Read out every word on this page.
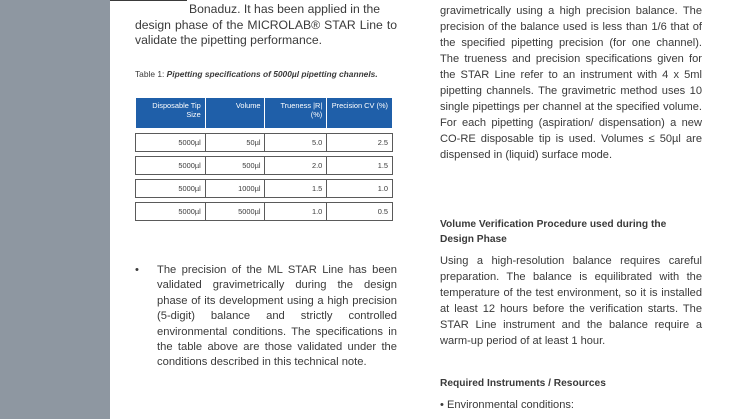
Bonaduz. It has been applied in the
design phase of the MICROLAB® STAR Line to validate the pipetting performance.
Table 1: Pipetting specifications of 5000µl pipetting channels.
Disposable Tip Size	Volume	Trueness |R| (%)	Precision CV (%)

5000µl	50µl	5.0	2.5

5000µl	500µl	2.0	1.5

5000µl	1000µl	1.5	1.0

5000µl	5000µl	1.0	0.5
• The precision of the ML STAR Line has been validated gravimetrically during the design phase of its development using a high precision (5-digit) balance and strictly controlled environmental conditions. The specifications in the table above are those validated under the conditions described in this technical note.
gravimetrically using a high precision balance. The precision of the balance used is less than 1/6 that of the specified pipetting precision (for one channel). The trueness and precision specifications given for the STAR Line refer to an instrument with 4 x 5ml pipetting channels. The gravimetric method uses 10 single pipettings per channel at the specified volume. For each pipetting (aspiration/ dispensation) a new CO-RE disposable tip is used. Volumes ≤ 50µl are dispensed in (liquid) surface mode.
Volume Verification Procedure used during the Design Phase
Using a high-resolution balance requires careful preparation. The balance is equilibrated with the temperature of the test environment, so it is installed at least 12 hours before the verification starts. The STAR Line instrument and the balance require a warm-up period of at least 1 hour.
Required Instruments / Resources
• Environmental conditions:
